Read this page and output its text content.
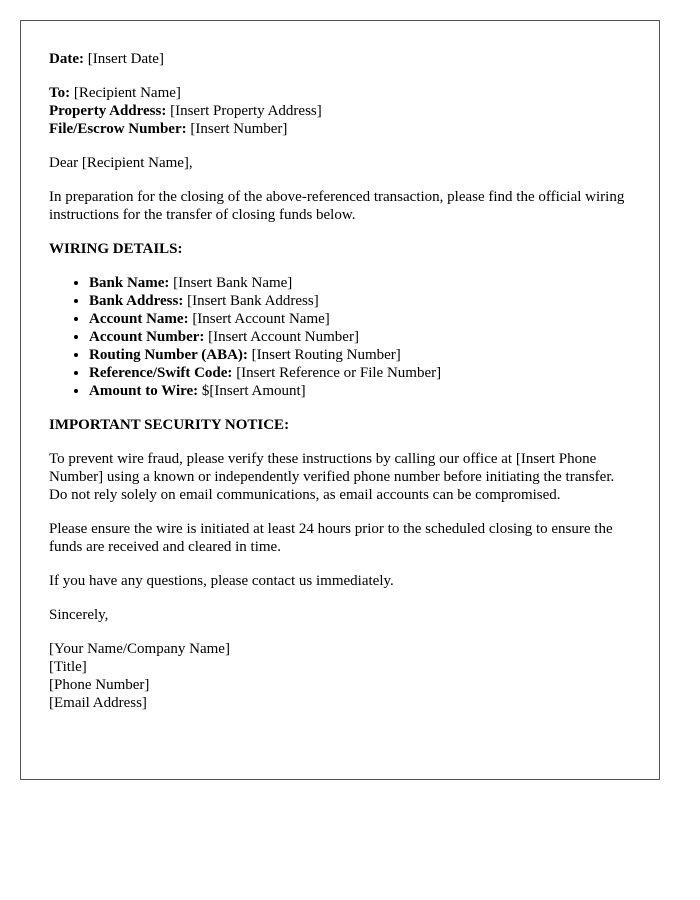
Date: [Insert Date]

To: [Recipient Name]
Property Address: [Insert Property Address]
File/Escrow Number: [Insert Number]

Dear [Recipient Name],

In preparation for the closing of the above-referenced transaction, please find the official wiring instructions for the transfer of closing funds below.

WIRING DETAILS:

• Bank Name: [Insert Bank Name]
• Bank Address: [Insert Bank Address]
• Account Name: [Insert Account Name]
• Account Number: [Insert Account Number]
• Routing Number (ABA): [Insert Routing Number]
• Reference/Swift Code: [Insert Reference or File Number]
• Amount to Wire: $[Insert Amount]

IMPORTANT SECURITY NOTICE:

To prevent wire fraud, please verify these instructions by calling our office at [Insert Phone Number] using a known or independently verified phone number before initiating the transfer. Do not rely solely on email communications, as email accounts can be compromised.

Please ensure the wire is initiated at least 24 hours prior to the scheduled closing to ensure the funds are received and cleared in time.

If you have any questions, please contact us immediately.

Sincerely,

[Your Name/Company Name]
[Title]
[Phone Number]
[Email Address]
